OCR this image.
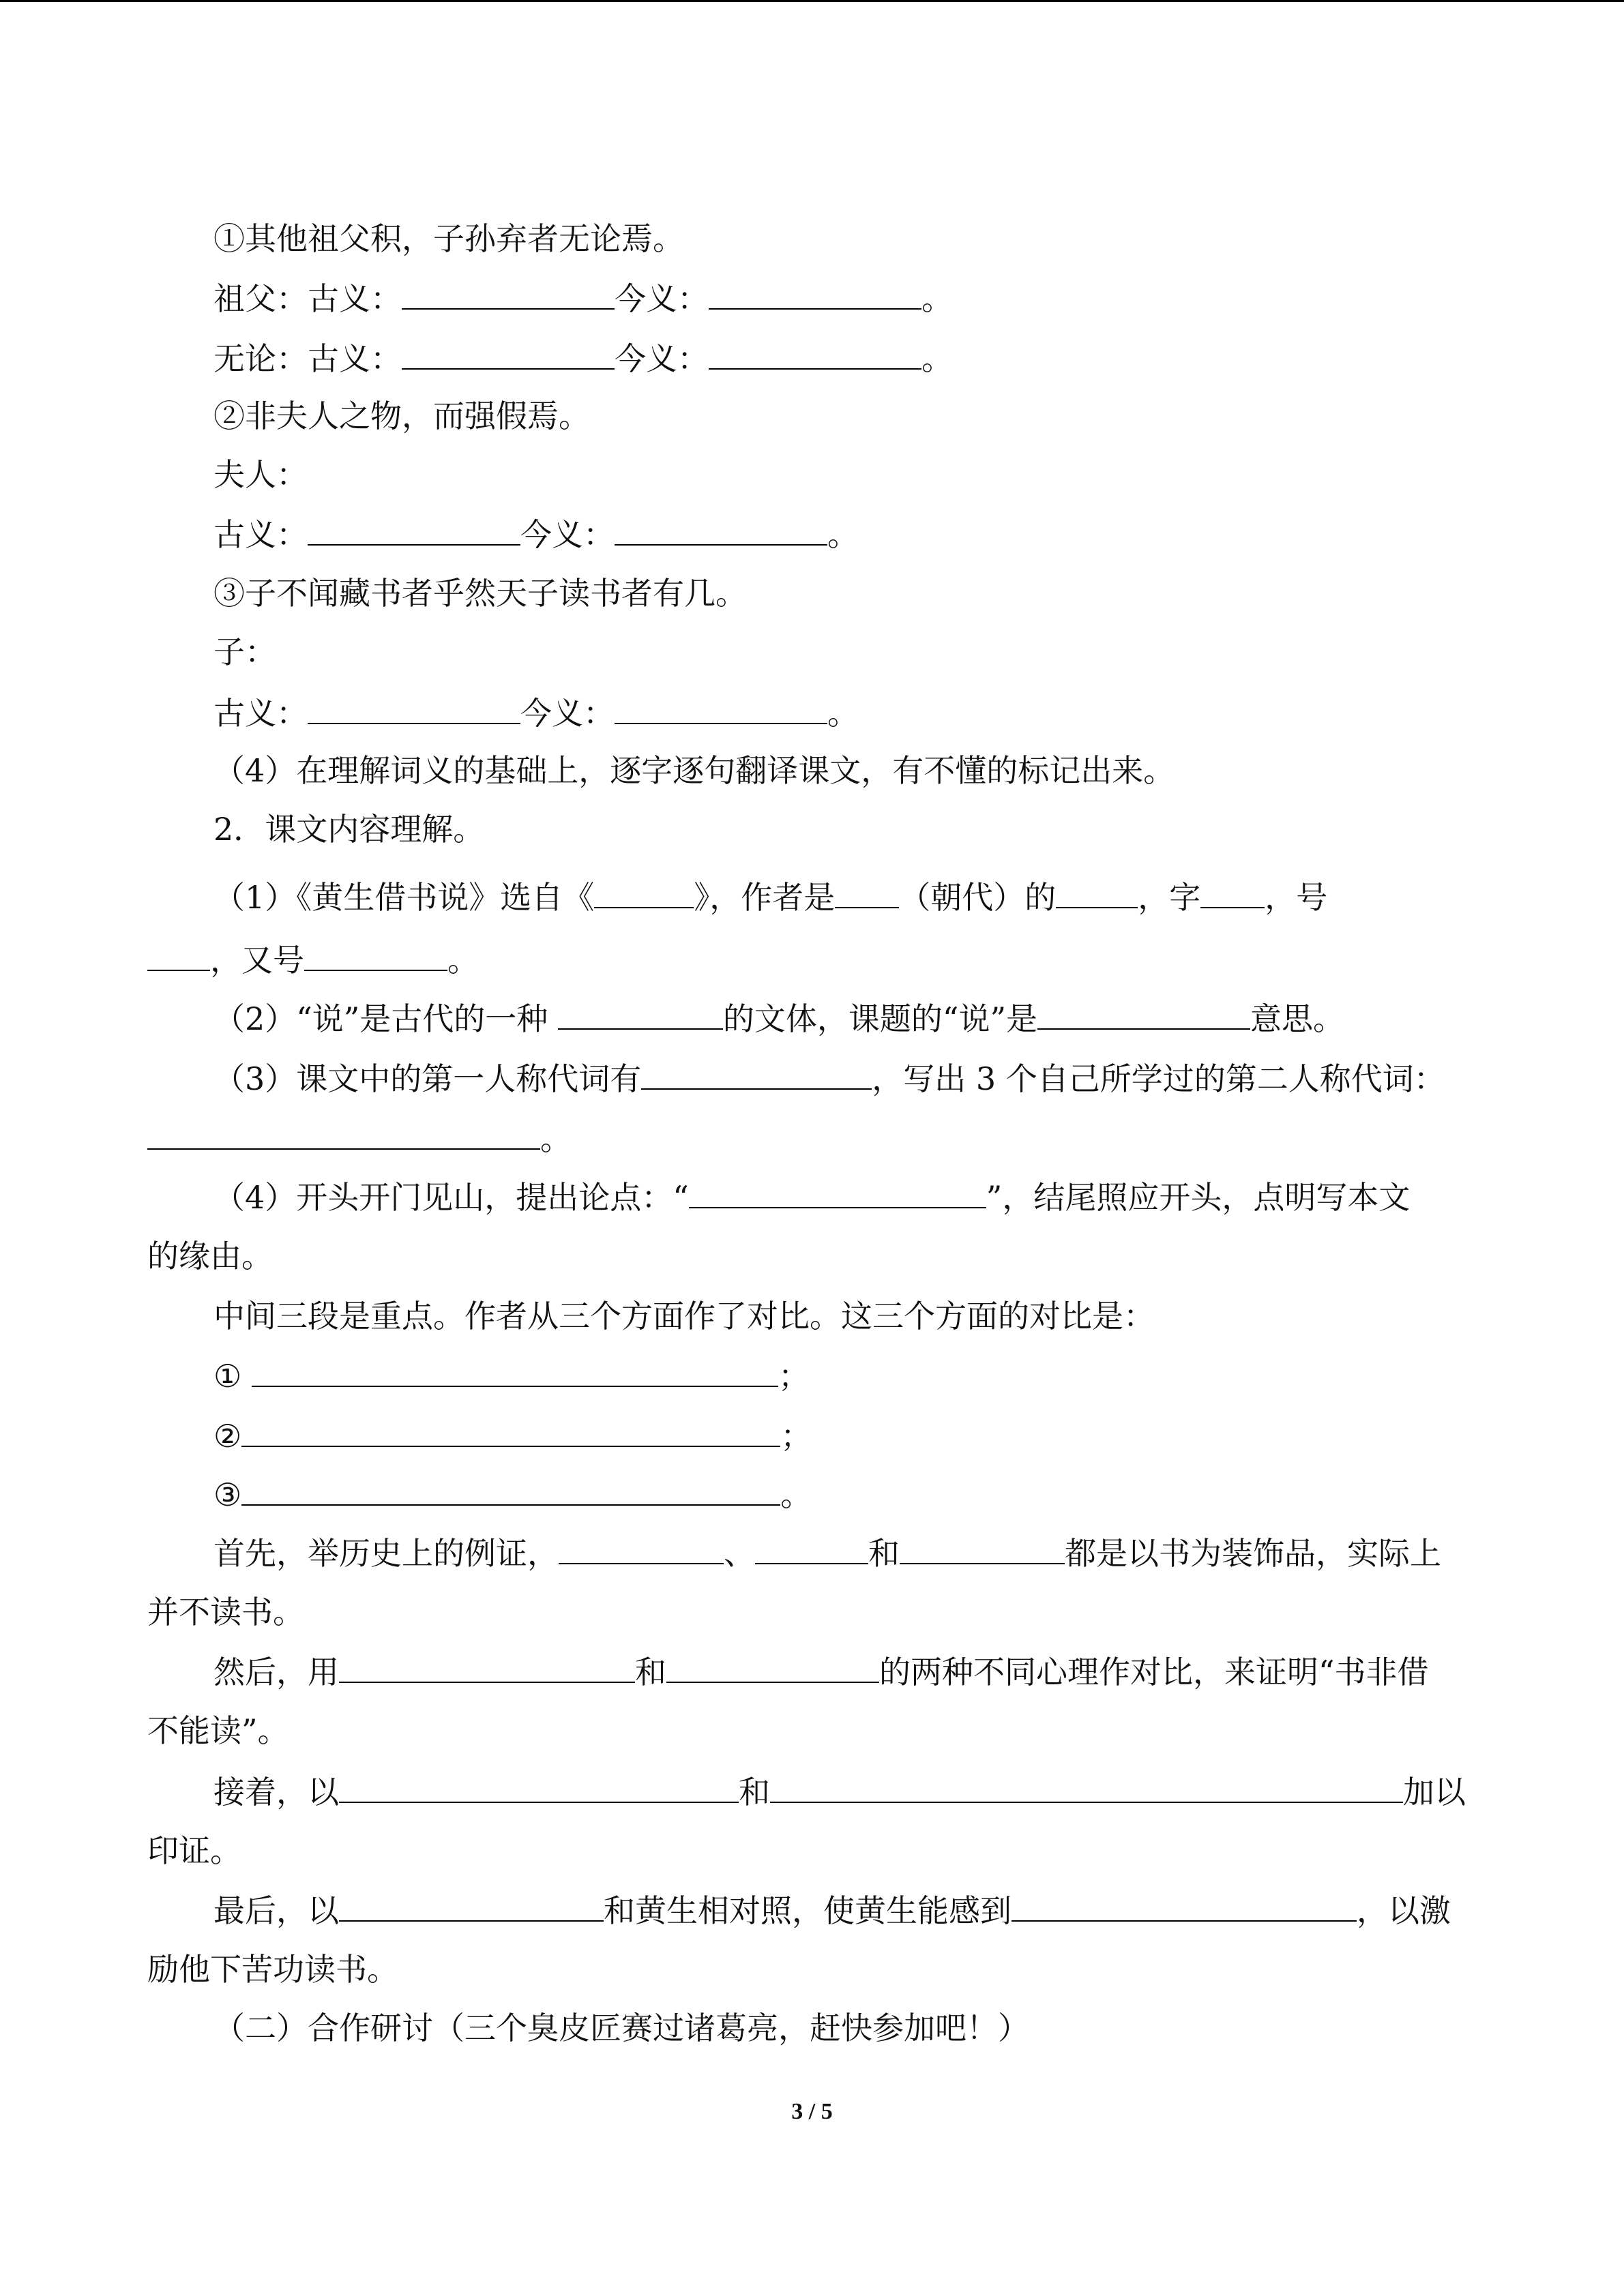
①其他祖父积，子孙弃者无论焉。
祖父：古义：	今义：	。
无论：古义：	今义：	。
②非夫人之物，而强假焉。
夫人：
古义：	今义：	。
③子不闻藏书者乎然天子读书者有几。
子：
古义：	今义：	。
（4）在理解词义的基础上，逐字逐句翻译课文，有不懂的标记出来。
2．课文内容理解。
（1）《黄生借书说》选自《	》，作者是 （朝代）的	，字 ，号
，又号	。
（2）“说”是古代的一种	的文体，课题的“说”是	意思。
（3）课文中的第一人称代词有	，写出 3 个自己所学过的第二人称代词：
。
（4）开头开门见山，提出论点：“	”，结尾照应开头，点明写本文
的缘由。
中间三段是重点。作者从三个方面作了对比。这三个方面的对比是：
①	；
②	；
③	。
首先，举历史上的例证，	、	和	都是以书为装饰品，实际上
并不读书。
然后，用	和	的两种不同心理作对比，来证明“书非借
不能读”。
接着，以	和	加以
印证。
最后，以	和黄生相对照，使黄生能感到	，以激
励他下苦功读书。
（二）合作研讨（三个臭皮匠赛过诸葛亮，赶快参加吧！）
3 / 5
